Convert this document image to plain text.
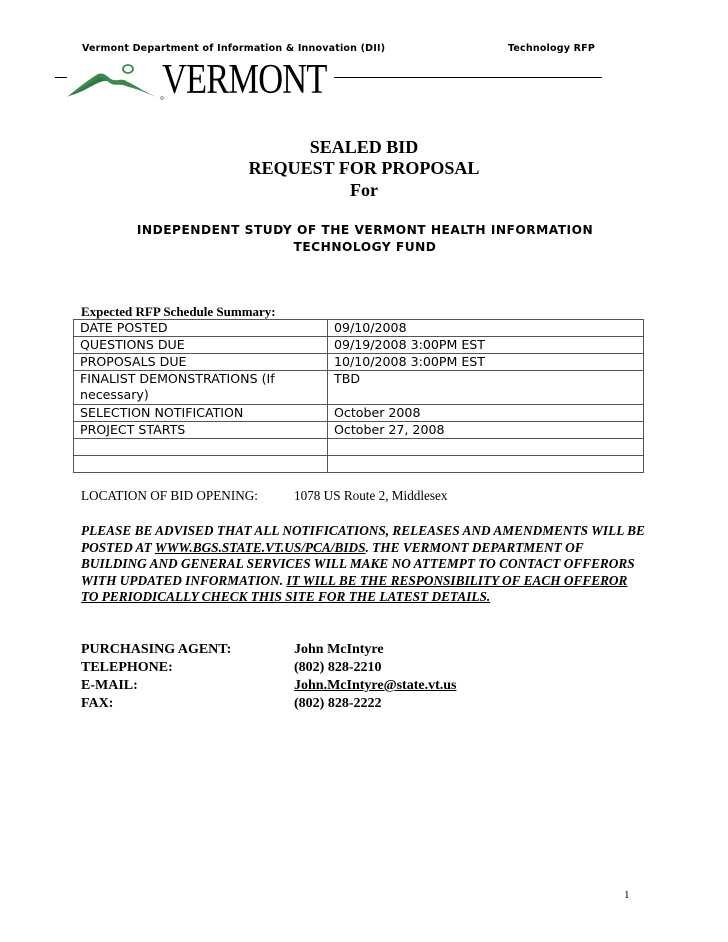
Vermont Department of Information & Innovation (DII)	Technology RFP
VERMONT
SEALED BID
REQUEST FOR PROPOSAL
For
INDEPENDENT STUDY OF THE VERMONT HEALTH INFORMATION
TECHNOLOGY FUND
Expected RFP Schedule Summary:
DATE POSTED	09/10/2008
QUESTIONS DUE	09/19/2008 3:00PM EST
PROPOSALS DUE	10/10/2008 3:00PM EST
FINALIST DEMONSTRATIONS (If necessary)	TBD
SELECTION NOTIFICATION	October 2008
PROJECT STARTS	October 27, 2008

LOCATION OF BID OPENING:	1078 US Route 2, Middlesex
PLEASE BE ADVISED THAT ALL NOTIFICATIONS, RELEASES AND AMENDMENTS WILL BE POSTED AT WWW.BGS.STATE.VT.US/PCA/BIDS. THE VERMONT DEPARTMENT OF BUILDING AND GENERAL SERVICES WILL MAKE NO ATTEMPT TO CONTACT OFFERORS WITH UPDATED INFORMATION. IT WILL BE THE RESPONSIBILITY OF EACH OFFEROR TO PERIODICALLY CHECK THIS SITE FOR THE LATEST DETAILS.
PURCHASING AGENT:	John McIntyre
TELEPHONE:	(802) 828-2210
E-MAIL:	John.McIntyre@state.vt.us
FAX:	(802) 828-2222
1
